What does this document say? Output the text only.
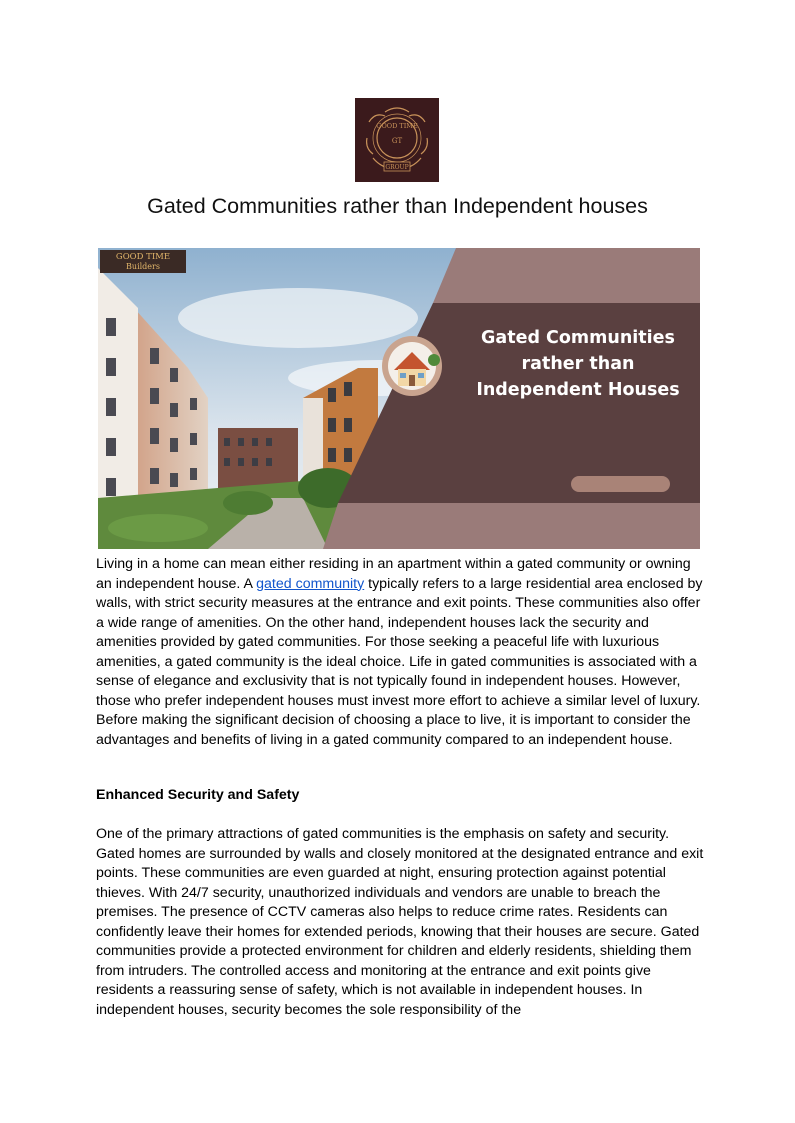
GOOD TIME
GT
GROUP
Gated Communities rather than Independent houses
GOOD TIME
Builders
Gated Communities
rather than
Independent Houses
Living in a home can mean either residing in an apartment within a gated community or owning an independent house. A gated community typically refers to a large residential area enclosed by walls, with strict security measures at the entrance and exit points. These communities also offer a wide range of amenities. On the other hand, independent houses lack the security and amenities provided by gated communities. For those seeking a peaceful life with luxurious amenities, a gated community is the ideal choice. Life in gated communities is associated with a sense of elegance and exclusivity that is not typically found in independent houses. However, those who prefer independent houses must invest more effort to achieve a similar level of luxury. Before making the significant decision of choosing a place to live, it is important to consider the advantages and benefits of living in a gated community compared to an independent house.
Enhanced Security and Safety
One of the primary attractions of gated communities is the emphasis on safety and security. Gated homes are surrounded by walls and closely monitored at the designated entrance and exit points. These communities are even guarded at night, ensuring protection against potential thieves. With 24/7 security, unauthorized individuals and vendors are unable to breach the premises. The presence of CCTV cameras also helps to reduce crime rates. Residents can confidently leave their homes for extended periods, knowing that their houses are secure. Gated communities provide a protected environment for children and elderly residents, shielding them from intruders. The controlled access and monitoring at the entrance and exit points give residents a reassuring sense of safety, which is not available in independent houses. In independent houses, security becomes the sole responsibility of the
